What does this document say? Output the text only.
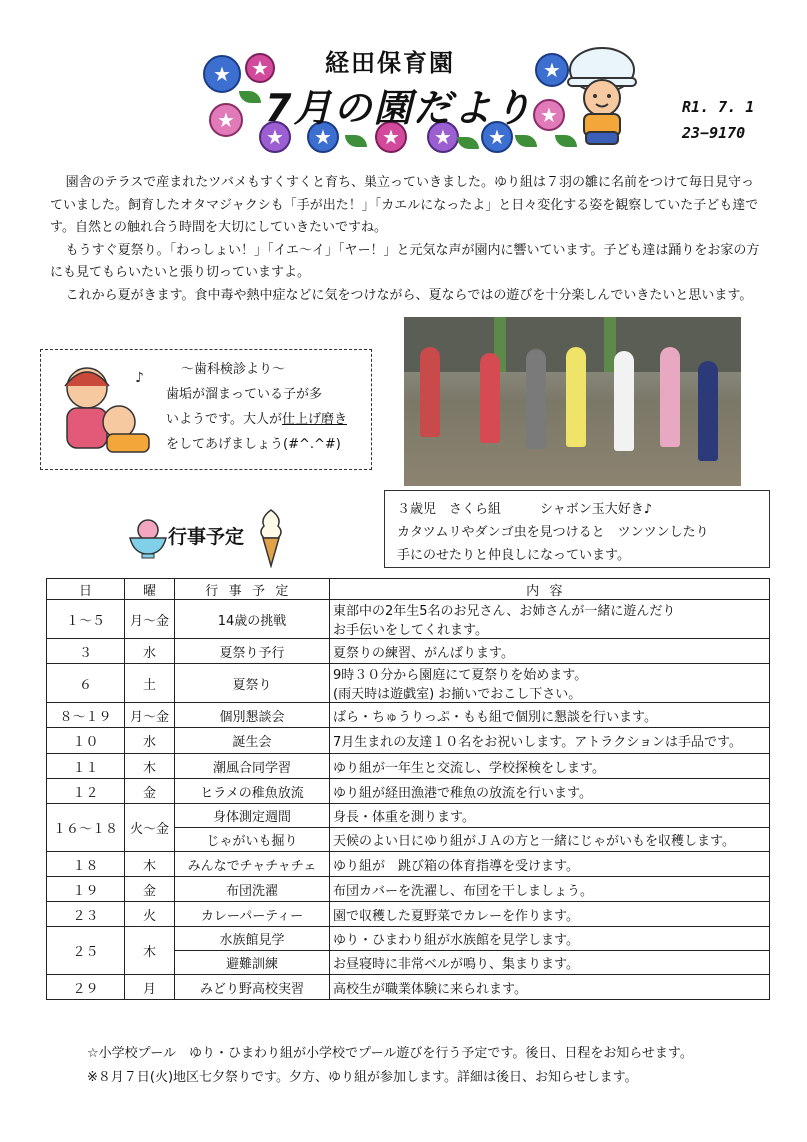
★ ★
★
★ ★	★ ★ ★
★
★
経田保育園
7月の園だより	R1. 7. 1
23−9170

園舎のテラスで産まれたツバメもすくすくと育ち、巣立っていきました。ゆり組は７羽の雛に名前をつけて毎日見守っていました。飼育したオタマジャクシも「手が出た！」「カエルになったよ」と日々変化する姿を観察していた子ども達です。自然との触れ合う時間を大切にしていきたいですね。

もうすぐ夏祭り。「わっしょい！」「イエ〜イ」「ヤー！」と元気な声が園内に響いています。子ども達は踊りをお家の方にも見てもらいたいと張り切っていますよ。

これから夏がきます。食中毒や熱中症などに気をつけながら、夏ならではの遊びを十分楽しんでいきたいと思います。

♪
〜歯科検診より〜
歯垢が溜まっている子が多
いようです。大人が仕上げ磨き
をしてあげましょう(#^.^#)
３歳児　さくら組　　　シャボン玉大好き♪
カタツムリやダンゴ虫を見つけると　ツンツンしたり
手にのせたりと仲良しになっています。
行事予定
日	曜	行事予定	内容
１〜５	月〜金	14歳の挑戦	東部中の2年生5名のお兄さん、お姉さんが一緒に遊んだり
お手伝いをしてくれます。

３	水	夏祭り予行	夏祭りの練習、がんばります。
６	土	夏祭り	9時３０分から園庭にて夏祭りを始めます。
(雨天時は遊戯室) お揃いでおこし下さい。

８〜１９	月〜金	個別懇談会	ばら・ちゅうりっぷ・もも組で個別に懇談を行います。
１０	水	誕生会	7月生まれの友達１０名をお祝いします。アトラクションは手品です。
１１	木	潮風合同学習	ゆり組が一年生と交流し、学校探検をします。
１２	金	ヒラメの稚魚放流	ゆり組が経田漁港で稚魚の放流を行います。
１６〜１８	火〜金	身体測定週間	身長・体重を測ります。
		じゃがいも掘り	天候のよい日にゆり組がＪＡの方と一緒にじゃがいもを収穫します。
１８	木	みんなでチャチャチェ	ゆり組が　跳び箱の体育指導を受けます。
１９	金	布団洗濯	布団カバーを洗濯し、布団を干しましょう。
２３	火	カレーパーティー	園で収穫した夏野菜でカレーを作ります。
２５	木	水族館見学	ゆり・ひまわり組が水族館を見学します。
		避難訓練	お昼寝時に非常ベルが鳴り、集まります。
２９	月	みどり野高校実習	高校生が職業体験に来られます。
☆小学校プール　ゆり・ひまわり組が小学校でプール遊びを行う予定です。後日、日程をお知らせます。
※８月７日(火)地区七夕祭りです。夕方、ゆり組が参加します。詳細は後日、お知らせします。
